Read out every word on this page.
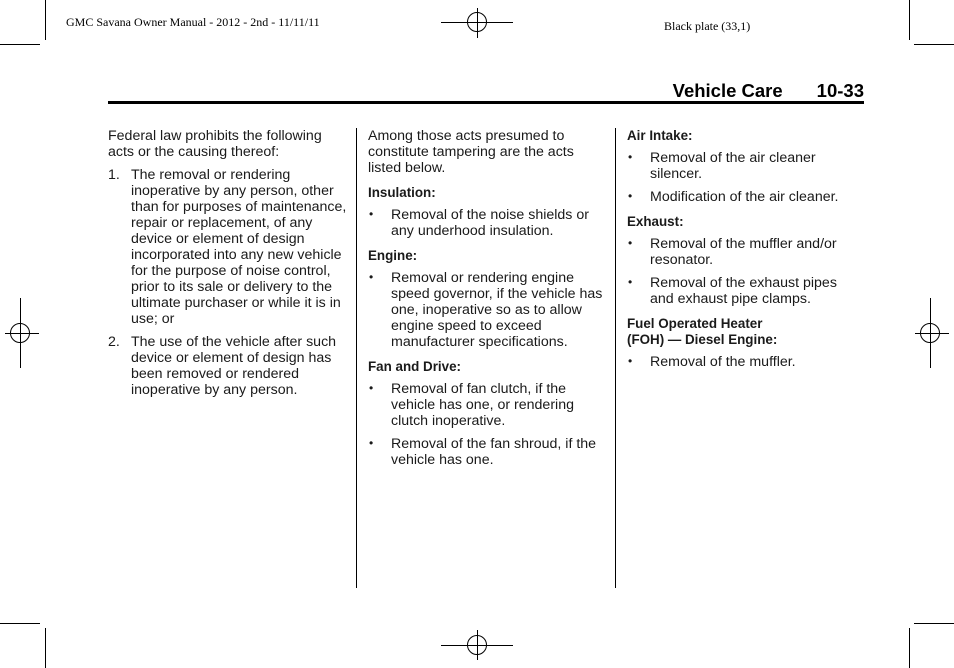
GMC Savana Owner Manual - 2012 - 2nd - 11/11/11	Black plate (33,1)
Vehicle Care 10-33

Federal law prohibits the following acts or the causing thereof:

1. The removal or rendering inoperative by any person, other than for purposes of maintenance, repair or replacement, of any device or element of design incorporated into any new vehicle for the purpose of noise control, prior to its sale or delivery to the ultimate purchaser or while it is in use; or
2. The use of the vehicle after such device or element of design has been removed or rendered inoperative by any person.

Among those acts presumed to constitute tampering are the acts listed below.

Insulation:
• Removal of the noise shields or any underhood insulation.
Engine:
• Removal or rendering engine speed governor, if the vehicle has one, inoperative so as to allow engine speed to exceed manufacturer specifications.
Fan and Drive:
• Removal of fan clutch, if the vehicle has one, or rendering clutch inoperative.
• Removal of the fan shroud, if the vehicle has one.
Air Intake:
• Removal of the air cleaner silencer.
• Modification of the air cleaner.
Exhaust:
• Removal of the muffler and/or resonator.
• Removal of the exhaust pipes and exhaust pipe clamps.
Fuel Operated Heater
(FOH) — Diesel Engine:
• Removal of the muffler.
